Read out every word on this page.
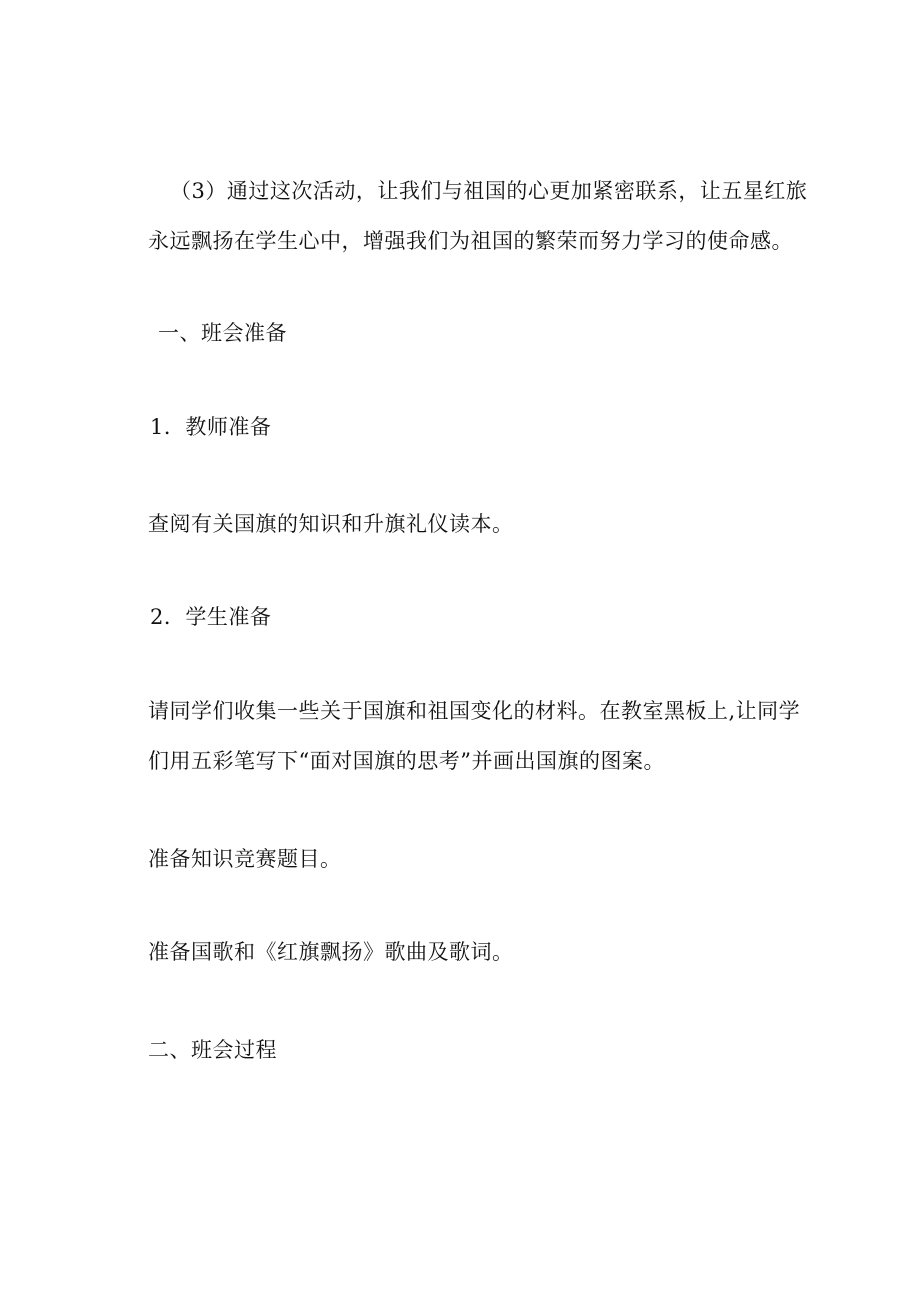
（3）通过这次活动，让我们与祖国的心更加紧密联系，让五星红旅

永远飘扬在学生心中，增强我们为祖国的繁荣而努力学习的使命感。

一、班会准备

1．教师准备

查阅有关国旗的知识和升旗礼仪读本。

2．学生准备

请同学们收集一些关于国旗和祖国变化的材料。在教室黑板上,让同学

们用五彩笔写下“面对国旗的思考”并画出国旗的图案。

准备知识竞赛题目。

准备国歌和《红旗飘扬》歌曲及歌词。

二、班会过程
